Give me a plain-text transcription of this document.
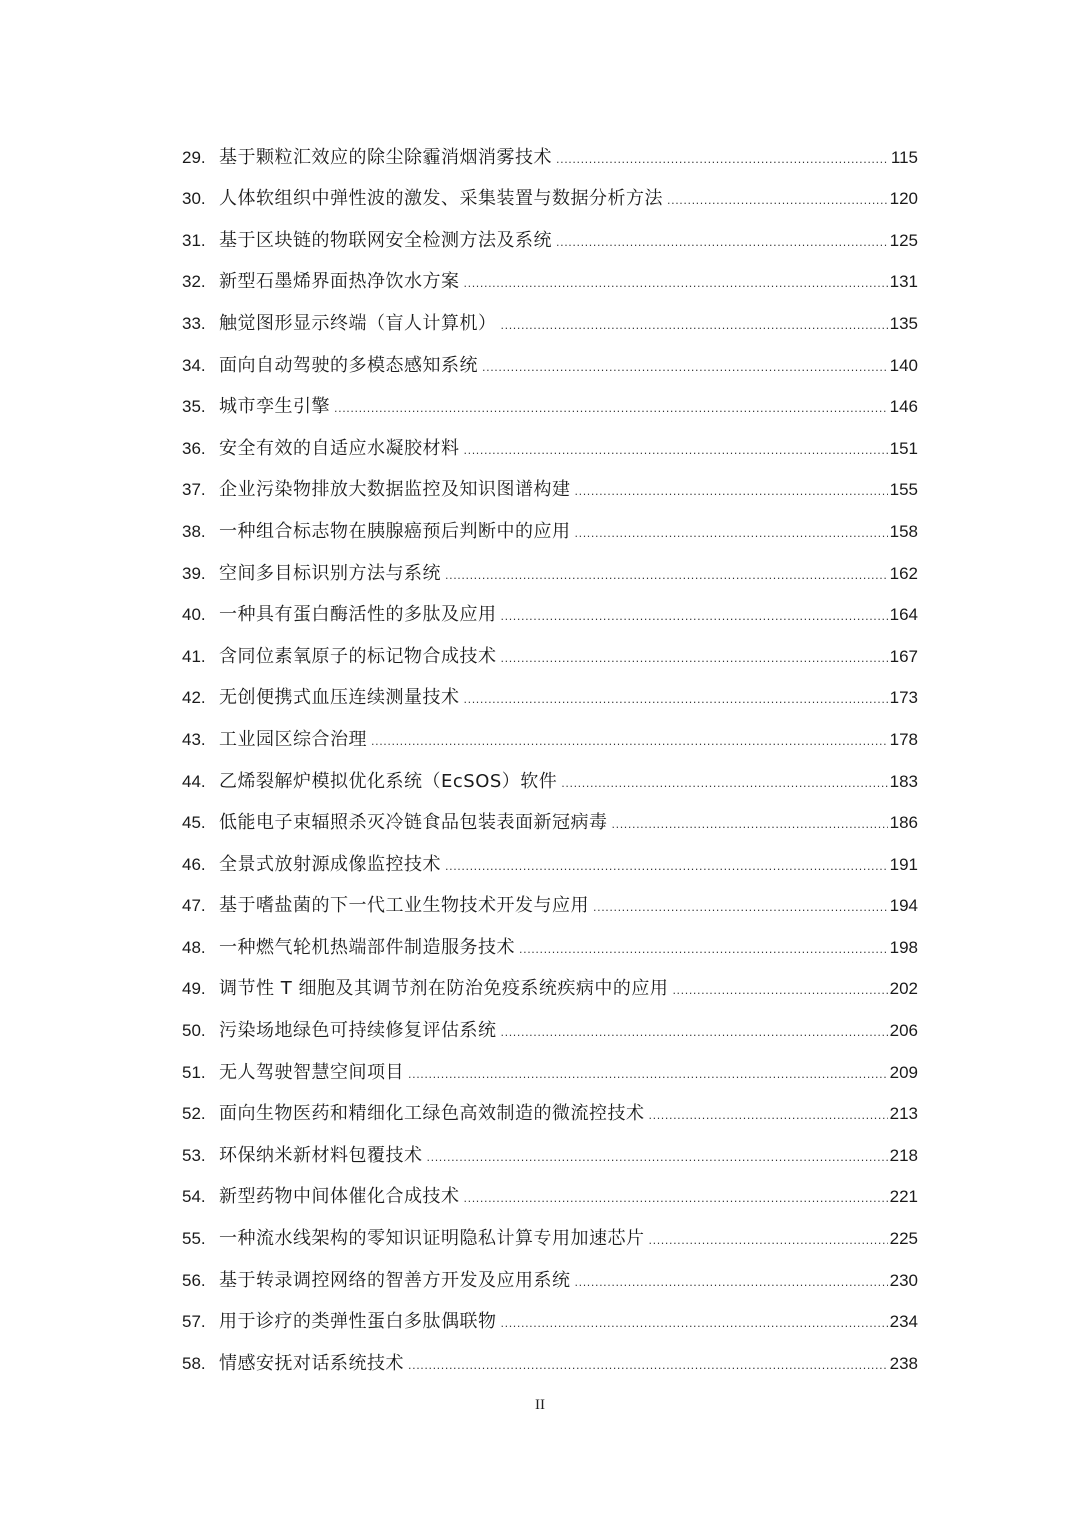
29. 基于颗粒汇效应的除尘除霾消烟消雾技术 .....	115
30. 人体软组织中弹性波的激发、采集装置与数据分析方法 .....	120
31. 基于区块链的物联网安全检测方法及系统 .....	125
32. 新型石墨烯界面热净饮水方案 .....	131
33. 触觉图形显示终端（盲人计算机） .....	135
34. 面向自动驾驶的多模态感知系统 .....	140
35. 城市孪生引擎 .....	146
36. 安全有效的自适应水凝胶材料 .....	151
37. 企业污染物排放大数据监控及知识图谱构建 .....	155
38. 一种组合标志物在胰腺癌预后判断中的应用 .....	158
39. 空间多目标识别方法与系统 .....	162
40. 一种具有蛋白酶活性的多肽及应用 .....	164
41. 含同位素氧原子的标记物合成技术 .....	167
42. 无创便携式血压连续测量技术 .....	173
43. 工业园区综合治理 .....	178
44. 乙烯裂解炉模拟优化系统（EcSOS）软件 .....	183
45. 低能电子束辐照杀灭冷链食品包装表面新冠病毒 .....	186
46. 全景式放射源成像监控技术 .....	191
47. 基于嗜盐菌的下一代工业生物技术开发与应用 .....	194
48. 一种燃气轮机热端部件制造服务技术 .....	198
49. 调节性 T 细胞及其调节剂在防治免疫系统疾病中的应用 .....	202
50. 污染场地绿色可持续修复评估系统 .....	206
51. 无人驾驶智慧空间项目 .....	209
52. 面向生物医药和精细化工绿色高效制造的微流控技术 .....	213
53. 环保纳米新材料包覆技术 .....	218
54. 新型药物中间体催化合成技术 .....	221
55. 一种流水线架构的零知识证明隐私计算专用加速芯片 .....	225
56. 基于转录调控网络的智善方开发及应用系统 .....	230
57. 用于诊疗的类弹性蛋白多肽偶联物 .....	234
58. 情感安抚对话系统技术 .....	238
II
